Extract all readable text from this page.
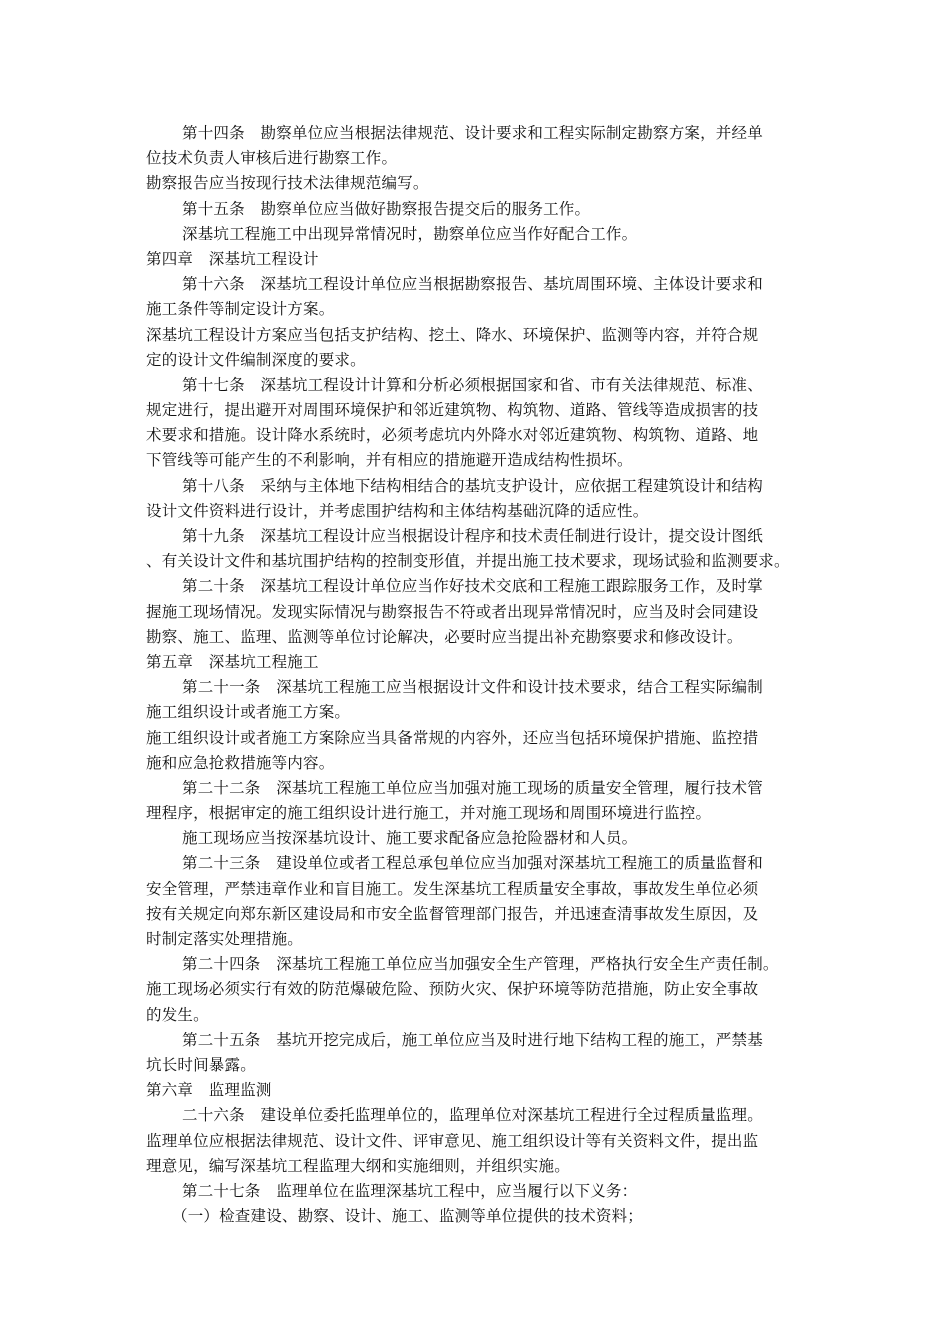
第十四条　勘察单位应当根据法律规范、设计要求和工程实际制定勘察方案，并经单
位技术负责人审核后进行勘察工作。
勘察报告应当按现行技术法律规范编写。
第十五条　勘察单位应当做好勘察报告提交后的服务工作。
深基坑工程施工中出现异常情况时，勘察单位应当作好配合工作。
第四章　深基坑工程设计
第十六条　深基坑工程设计单位应当根据勘察报告、基坑周围环境、主体设计要求和
施工条件等制定设计方案。
深基坑工程设计方案应当包括支护结构、挖土、降水、环境保护、监测等内容，并符合规
定的设计文件编制深度的要求。
第十七条　深基坑工程设计计算和分析必须根据国家和省、市有关法律规范、标准、
规定进行，提出避开对周围环境保护和邻近建筑物、构筑物、道路、管线等造成损害的技
术要求和措施。设计降水系统时，必须考虑坑内外降水对邻近建筑物、构筑物、道路、地
下管线等可能产生的不利影响，并有相应的措施避开造成结构性损坏。
第十八条　采纳与主体地下结构相结合的基坑支护设计，应依据工程建筑设计和结构
设计文件资料进行设计，并考虑围护结构和主体结构基础沉降的适应性。
第十九条　深基坑工程设计应当根据设计程序和技术责任制进行设计，提交设计图纸
、有关设计文件和基坑围护结构的控制变形值，并提出施工技术要求，现场试验和监测要求。
第二十条　深基坑工程设计单位应当作好技术交底和工程施工跟踪服务工作，及时掌
握施工现场情况。发现实际情况与勘察报告不符或者出现异常情况时，应当及时会同建设
勘察、施工、监理、监测等单位讨论解决，必要时应当提出补充勘察要求和修改设计。
第五章　深基坑工程施工
第二十一条　深基坑工程施工应当根据设计文件和设计技术要求，结合工程实际编制
施工组织设计或者施工方案。
施工组织设计或者施工方案除应当具备常规的内容外，还应当包括环境保护措施、监控措
施和应急抢救措施等内容。
第二十二条　深基坑工程施工单位应当加强对施工现场的质量安全管理，履行技术管
理程序，根据审定的施工组织设计进行施工，并对施工现场和周围环境进行监控。
施工现场应当按深基坑设计、施工要求配备应急抢险器材和人员。
第二十三条　建设单位或者工程总承包单位应当加强对深基坑工程施工的质量监督和
安全管理，严禁违章作业和盲目施工。发生深基坑工程质量安全事故，事故发生单位必须
按有关规定向郑东新区建设局和市安全监督管理部门报告，并迅速查清事故发生原因，及
时制定落实处理措施。
第二十四条　深基坑工程施工单位应当加强安全生产管理，严格执行安全生产责任制。
施工现场必须实行有效的防范爆破危险、预防火灾、保护环境等防范措施，防止安全事故
的发生。
第二十五条　基坑开挖完成后，施工单位应当及时进行地下结构工程的施工，严禁基
坑长时间暴露。
第六章　监理监测
二十六条　建设单位委托监理单位的，监理单位对深基坑工程进行全过程质量监理。
监理单位应根据法律规范、设计文件、评审意见、施工组织设计等有关资料文件，提出监
理意见，编写深基坑工程监理大纲和实施细则，并组织实施。
第二十七条　监理单位在监理深基坑工程中，应当履行以下义务：
（一）检查建设、勘察、设计、施工、监测等单位提供的技术资料；
